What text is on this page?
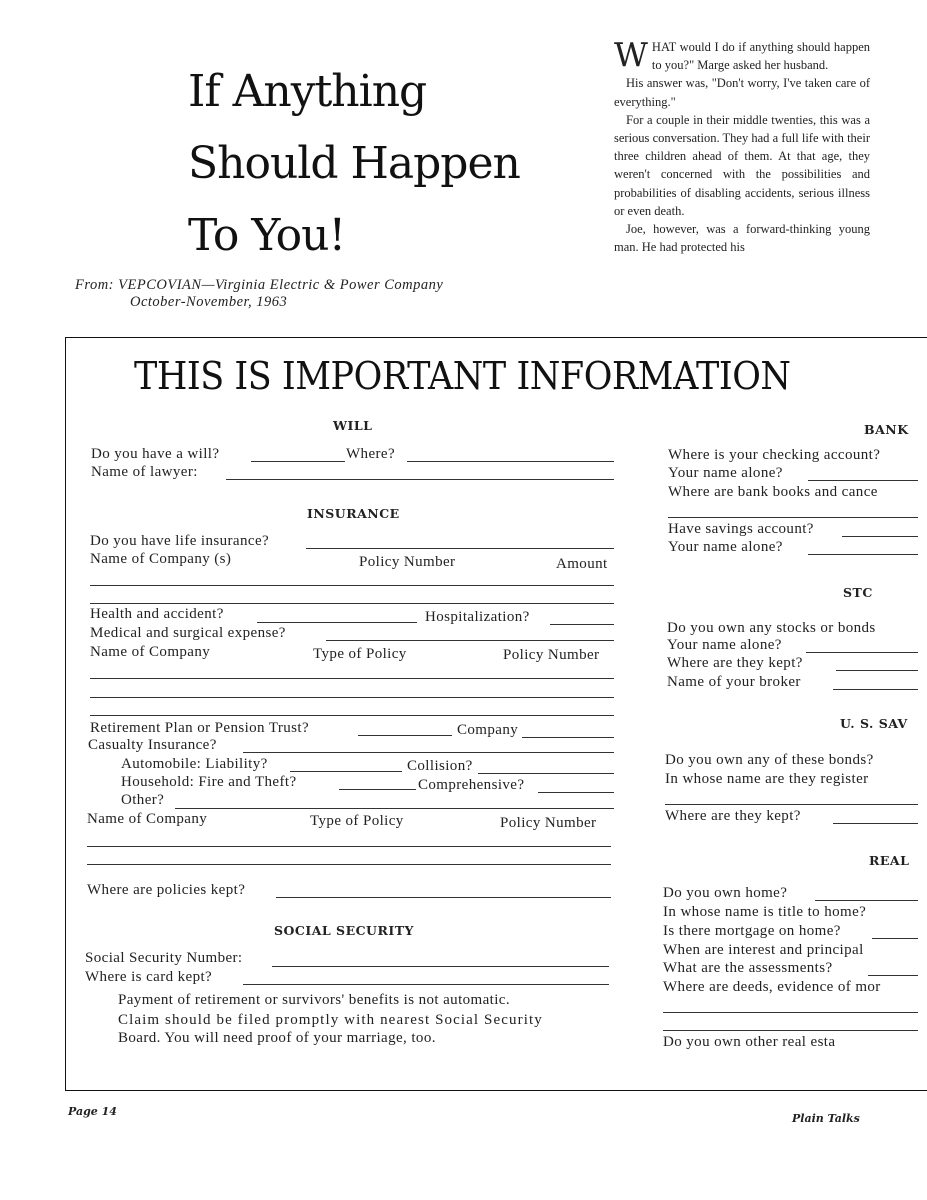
If Anything
Should Happen
To You!
From: VEPCOVIAN—Virginia Electric & Power Company
October-November, 1963

WHAT would I do if anything should happen to you?" Marge asked her husband.

His answer was, "Don't worry, I've taken care of everything."

For a couple in their middle twenties, this was a serious conversation. They had a full life with their three children ahead of them. At that age, they weren't concerned with the possibilities and probabilities of disabling accidents, serious illness or even death.

Joe, however, was a forward-thinking young man. He had protected his

THIS IS IMPORTANT INFORMATION
WILL
Do you have a will?	Where?
Name of lawyer:
INSURANCE
Do you have life insurance?
Name of Company (s)	Policy Number	Amount
Health and accident?	Hospitalization?
Medical and surgical expense?
Name of Company	Type of Policy	Policy Number
Retirement Plan or Pension Trust?	Company
Casualty Insurance?
Automobile: Liability?	Collision?
Household: Fire and Theft?	Comprehensive?
Other?
Name of Company	Type of Policy	Policy Number
Where are policies kept?
SOCIAL SECURITY
Social Security Number:
Where is card kept?
Payment of retirement or survivors' benefits is not automatic.
Claim should be filed promptly with nearest Social Security
Board. You will need proof of your marriage, too.
BANK
Where is your checking account?
Your name alone?
Where are bank books and cance
Have savings account?
Your name alone?
STC
Do you own any stocks or bonds
Your name alone?
Where are they kept?
Name of your broker
U. S. SAV
Do you own any of these bonds?
In whose name are they register
Where are they kept?
REAL
Do you own home?
In whose name is title to home?
Is there mortgage on home?
When are interest and principal
What are the assessments?
Where are deeds, evidence of mor
Do you own other real esta
Page 14
Plain Talks
